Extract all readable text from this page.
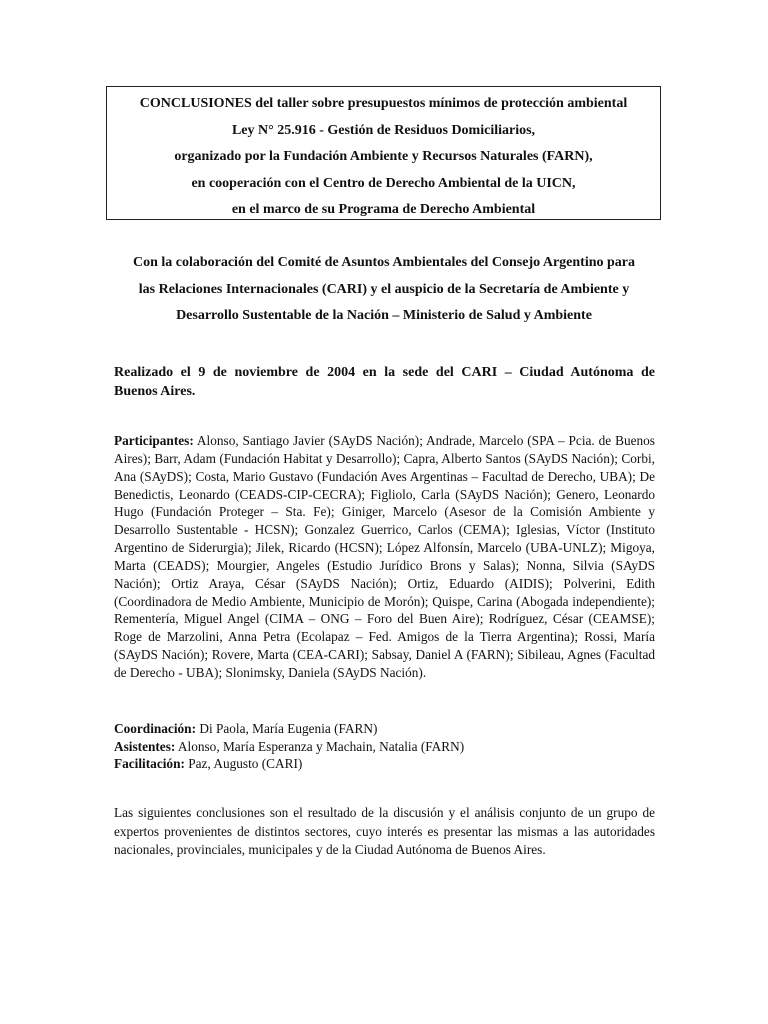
CONCLUSIONES del taller sobre presupuestos mínimos de protección ambiental
Ley N° 25.916 - Gestión de Residuos Domiciliarios,
organizado por la Fundación Ambiente y Recursos Naturales (FARN),
en cooperación con el Centro de Derecho Ambiental de la UICN,
en el marco de su Programa de Derecho Ambiental
Con la colaboración del Comité de Asuntos Ambientales del Consejo Argentino para
las Relaciones Internacionales (CARI) y el auspicio de la Secretaría de Ambiente y
Desarrollo Sustentable de la Nación – Ministerio de Salud y Ambiente
Realizado el 9 de noviembre de 2004 en la sede del CARI – Ciudad Autónoma de
Buenos Aires.
Participantes: Alonso, Santiago Javier (SAyDS Nación); Andrade, Marcelo (SPA – Pcia. de Buenos Aires); Barr, Adam (Fundación Habitat y Desarrollo); Capra, Alberto Santos (SAyDS Nación); Corbi, Ana (SAyDS); Costa, Mario Gustavo (Fundación Aves Argentinas – Facultad de Derecho, UBA); De Benedictis, Leonardo (CEADS-CIP-CECRA); Figliolo, Carla (SAyDS Nación); Genero, Leonardo Hugo (Fundación Proteger – Sta. Fe); Giniger, Marcelo (Asesor de la Comisión Ambiente y Desarrollo Sustentable - HCSN); Gonzalez Guerrico, Carlos (CEMA); Iglesias, Víctor (Instituto Argentino de Siderurgia); Jilek, Ricardo (HCSN); López Alfonsín, Marcelo (UBA-UNLZ); Migoya, Marta (CEADS); Mourgier, Angeles (Estudio Jurídico Brons y Salas); Nonna, Silvia (SAyDS Nación); Ortiz Araya, César (SAyDS Nación); Ortiz, Eduardo (AIDIS); Polverini, Edith (Coordinadora de Medio Ambiente, Municipio de Morón); Quispe, Carina (Abogada independiente); Rementería, Miguel Angel (CIMA – ONG – Foro del Buen Aire); Rodríguez, César (CEAMSE); Roge de Marzolini, Anna Petra (Ecolapaz – Fed. Amigos de la Tierra Argentina); Rossi, María (SAyDS Nación); Rovere, Marta (CEA-CARI); Sabsay, Daniel A (FARN); Sibileau, Agnes (Facultad de Derecho - UBA); Slonimsky, Daniela (SAyDS Nación).
Coordinación: Di Paola, María Eugenia (FARN)
Asistentes: Alonso, María Esperanza y Machain, Natalia (FARN)
Facilitación: Paz, Augusto (CARI)
Las siguientes conclusiones son el resultado de la discusión y el análisis conjunto de un grupo de expertos provenientes de distintos sectores, cuyo interés es presentar las mismas a las autoridades nacionales, provinciales, municipales y de la Ciudad Autónoma de Buenos Aires.
